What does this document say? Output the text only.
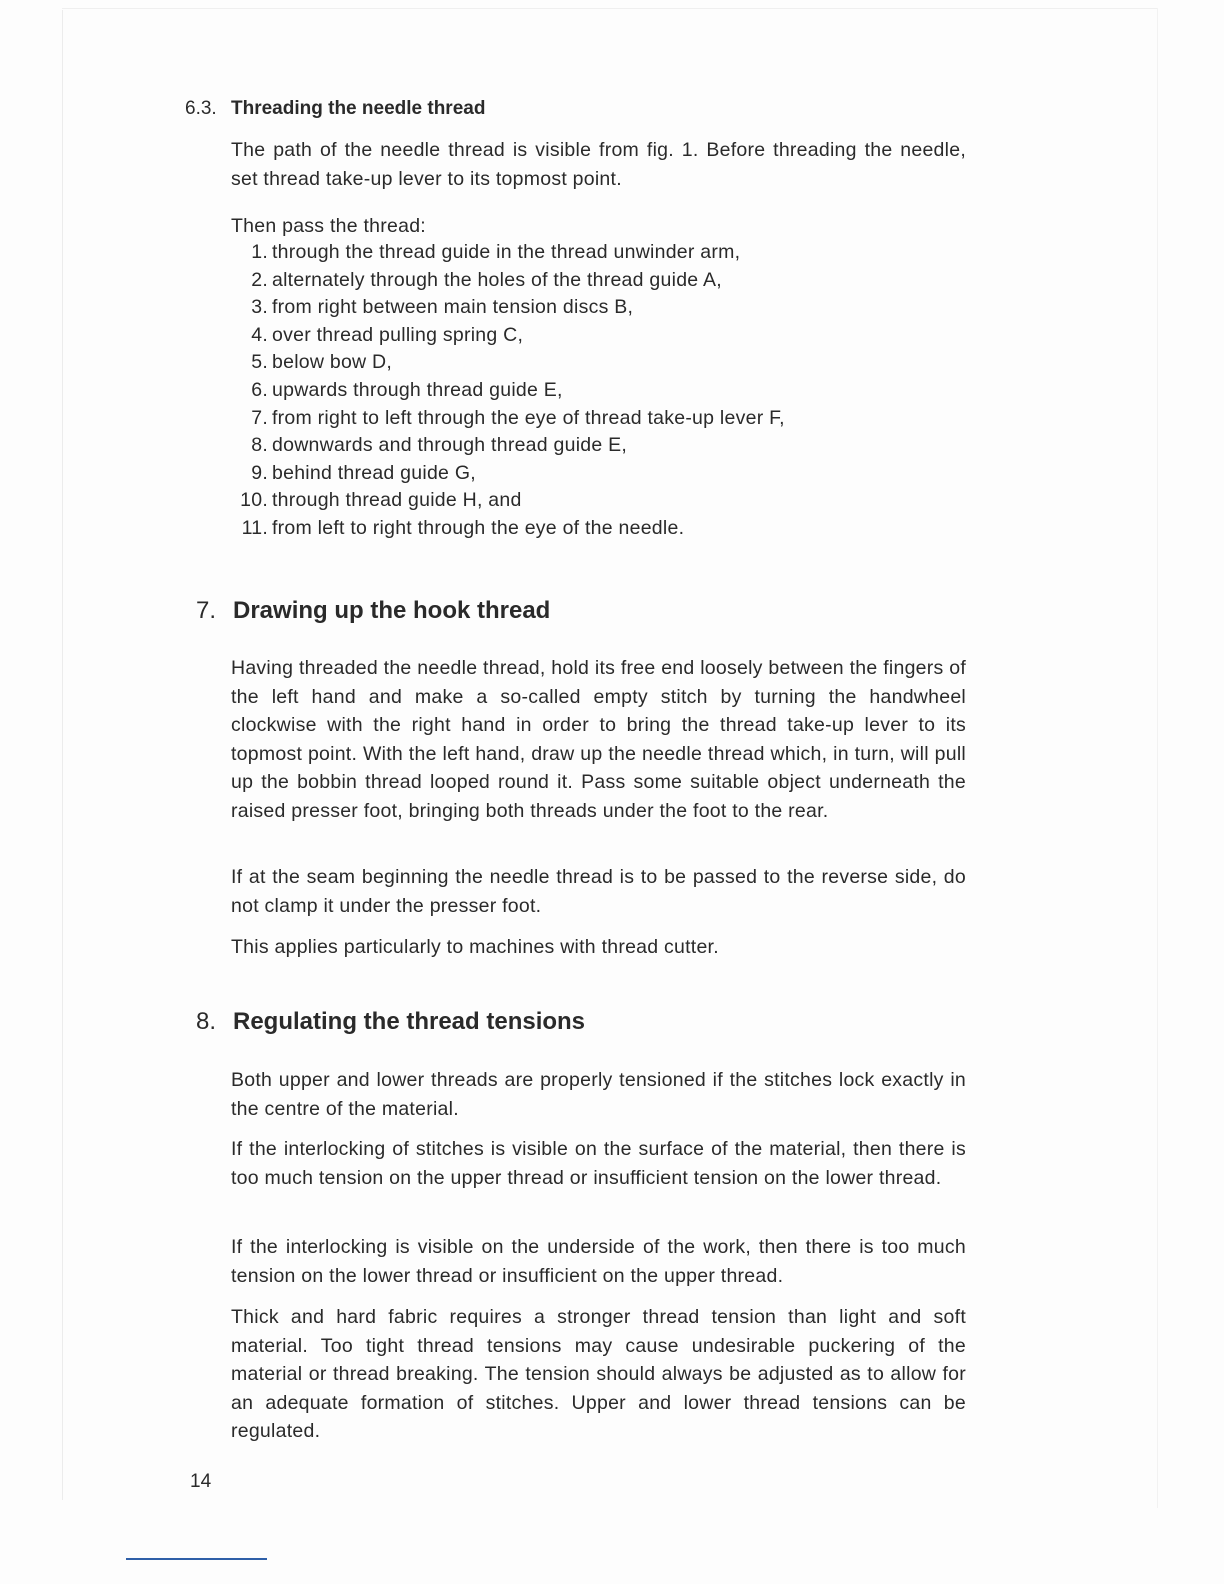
6.3. Threading the needle thread

The path of the needle thread is visible from fig. 1. Before threading the needle, set thread take-up lever to its topmost point.

Then pass the thread:

1. through the thread guide in the thread unwinder arm,
2. alternately through the holes of the thread guide A,
3. from right between main tension discs B,
4. over thread pulling spring C,
5. below bow D,
6. upwards through thread guide E,
7. from right to left through the eye of thread take-up lever F,
8. downwards and through thread guide E,
9. behind thread guide G,
10. through thread guide H, and
11. from left to right through the eye of the needle.
7. Drawing up the hook thread

Having threaded the needle thread, hold its free end loosely between the fingers of the left hand and make a so-called empty stitch by turning the handwheel clockwise with the right hand in order to bring the thread take-up lever to its topmost point. With the left hand, draw up the needle thread which, in turn, will pull up the bobbin thread looped round it. Pass some suitable object underneath the raised presser foot, bringing both threads under the foot to the rear.

If at the seam beginning the needle thread is to be passed to the reverse side, do not clamp it under the presser foot.

This applies particularly to machines with thread cutter.

8. Regulating the thread tensions

Both upper and lower threads are properly tensioned if the stitches lock exactly in the centre of the material.

If the interlocking of stitches is visible on the surface of the material, then there is too much tension on the upper thread or insufficient tension on the lower thread.

If the interlocking is visible on the underside of the work, then there is too much tension on the lower thread or insufficient on the upper thread.

Thick and hard fabric requires a stronger thread tension than light and soft material. Too tight thread tensions may cause undesirable puckering of the material or thread breaking. The tension should always be adjusted as to allow for an adequate formation of stitches. Upper and lower thread tensions can be regulated.

14
